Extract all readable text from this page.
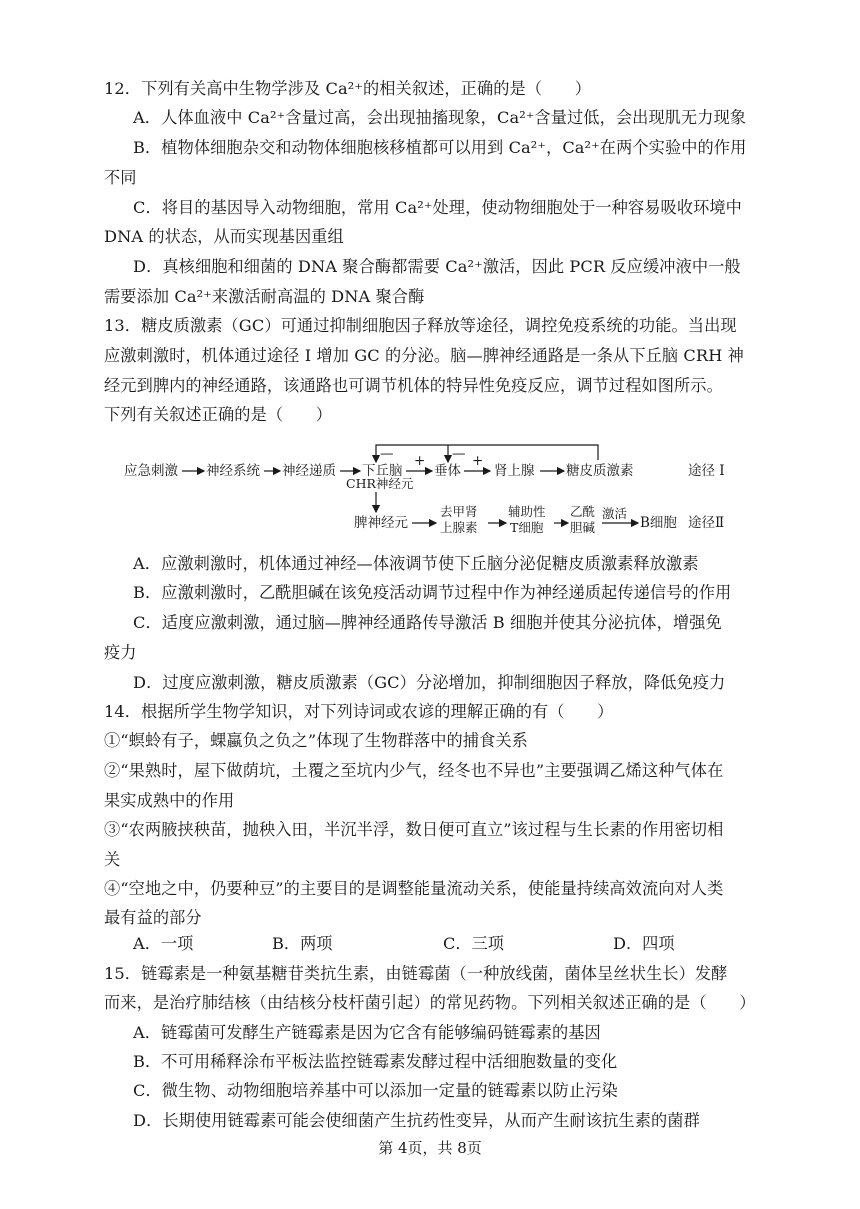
12．下列有关高中生物学涉及 Ca²⁺的相关叙述，正确的是（　　）
A．人体血液中 Ca²⁺含量过高，会出现抽搐现象，Ca²⁺含量过低，会出现肌无力现象
B．植物体细胞杂交和动物体细胞核移植都可以用到 Ca²⁺，Ca²⁺在两个实验中的作用
不同
C．将目的基因导入动物细胞，常用 Ca²⁺处理，使动物细胞处于一种容易吸收环境中
DNA 的状态，从而实现基因重组
D．真核细胞和细菌的 DNA 聚合酶都需要 Ca²⁺激活，因此 PCR 反应缓冲液中一般
需要添加 Ca²⁺来激活耐高温的 DNA 聚合酶
13．糖皮质激素（GC）可通过抑制细胞因子释放等途径，调控免疫系统的功能。当出现
应激刺激时，机体通过途径 I 增加 GC 的分泌。脑—脾神经通路是一条从下丘脑 CRH 神
经元到脾内的神经通路，该通路也可调节机体的特异性免疫反应，调节过程如图所示。
下列有关叙述正确的是（　　）
应急刺激 神经系统 神经递质 下丘脑
CHR神经元
+
垂体
+
肾上腺 糖皮质激素	途径 I
—	—
脾神经元
去甲肾
上腺素
辅助性
T细胞
乙酰
胆碱
激活
B细胞 途径Ⅱ
A．应激刺激时，机体通过神经—体液调节使下丘脑分泌促糖皮质激素释放激素
B．应激刺激时，乙酰胆碱在该免疫活动调节过程中作为神经递质起传递信号的作用
C．适度应激刺激，通过脑—脾神经通路传导激活 B 细胞并使其分泌抗体，增强免
疫力
D．过度应激刺激，糖皮质激素（GC）分泌增加，抑制细胞因子释放，降低免疫力
14．根据所学生物学知识，对下列诗词或农谚的理解正确的有（　　）
①“螟蛉有子，蜾蠃负之负之”体现了生物群落中的捕食关系
②“果熟时，屋下做荫坑，土覆之至坑内少气，经冬也不异也”主要强调乙烯这种气体在
果实成熟中的作用
③“农两腋挟秧苗，抛秧入田，半沉半浮，数日便可直立”该过程与生长素的作用密切相
关
④“空地之中，仍要种豆”的主要目的是调整能量流动关系，使能量持续高效流向对人类
最有益的部分
A．一项	B．两项	C．三项	D．四项
15．链霉素是一种氨基糖苷类抗生素，由链霉菌（一种放线菌，菌体呈丝状生长）发酵
而来，是治疗肺结核（由结核分枝杆菌引起）的常见药物。下列相关叙述正确的是（　　）
A．链霉菌可发酵生产链霉素是因为它含有能够编码链霉素的基因
B．不可用稀释涂布平板法监控链霉素发酵过程中活细胞数量的变化
C．微生物、动物细胞培养基中可以添加一定量的链霉素以防止污染
D．长期使用链霉素可能会使细菌产生抗药性变异，从而产生耐该抗生素的菌群
第 4页，共 8页
